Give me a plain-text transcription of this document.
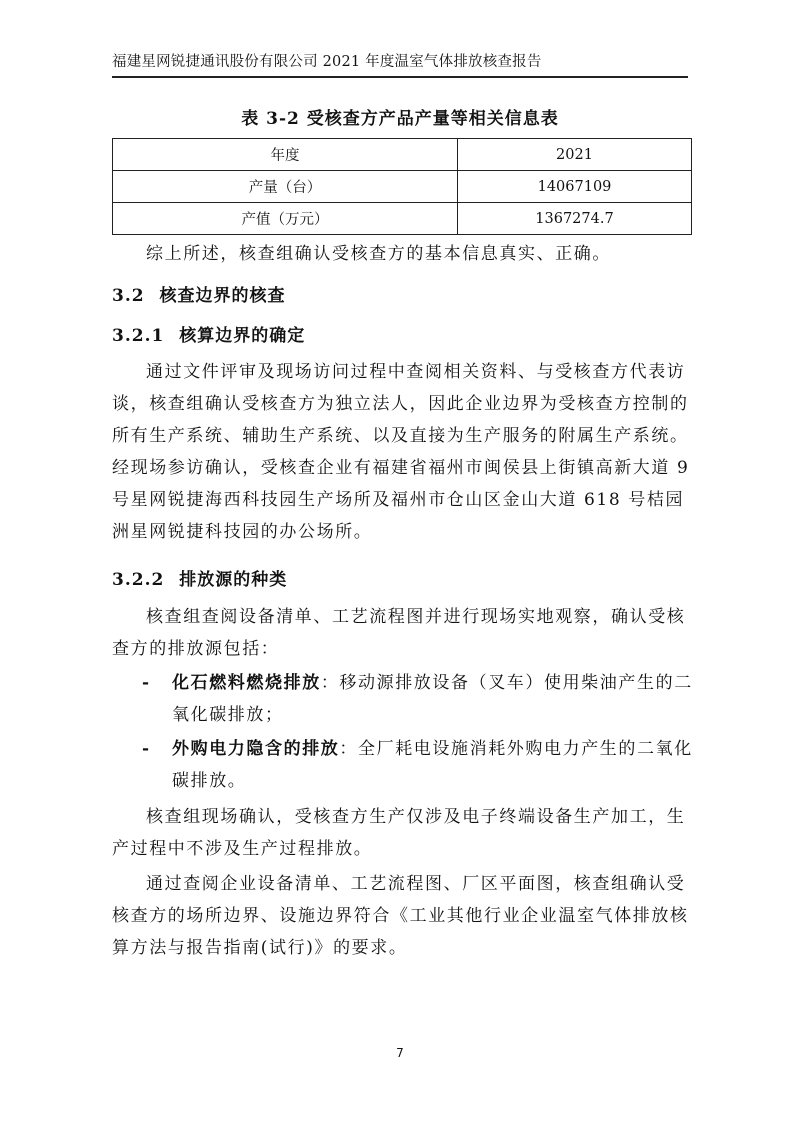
福建星网锐捷通讯股份有限公司 2021 年度温室气体排放核查报告
表 3-2 受核查方产品产量等相关信息表
年度	2021
产量（台）	14067109
产值（万元）	1367274.7

综上所述，核查组确认受核查方的基本信息真实、正确。

3.2 核查边界的核查
3.2.1 核算边界的确定

通过文件评审及现场访问过程中查阅相关资料、与受核查方代表访谈，核查组确认受核查方为独立法人，因此企业边界为受核查方控制的所有生产系统、辅助生产系统、以及直接为生产服务的附属生产系统。经现场参访确认，受核查企业有福建省福州市闽侯县上街镇高新大道 9 号星网锐捷海西科技园生产场所及福州市仓山区金山大道 618 号桔园洲星网锐捷科技园的办公场所。

3.2.2 排放源的种类

核查组查阅设备清单、工艺流程图并进行现场实地观察，确认受核查方的排放源包括：

- 化石燃料燃烧排放：移动源排放设备（叉车）使用柴油产生的二氧化碳排放；
- 外购电力隐含的排放：全厂耗电设施消耗外购电力产生的二氧化碳排放。

核查组现场确认，受核查方生产仅涉及电子终端设备生产加工，生产过程中不涉及生产过程排放。

通过查阅企业设备清单、工艺流程图、厂区平面图，核查组确认受核查方的场所边界、设施边界符合《工业其他行业企业温室气体排放核算方法与报告指南(试行)》的要求。

7
